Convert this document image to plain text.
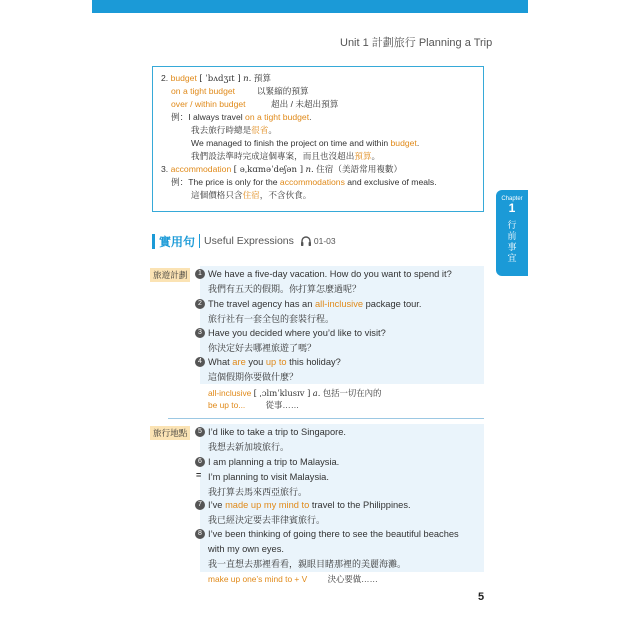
Unit 1 計劃旅行 Planning a Trip
2. budget [ ˈbʌdʒɪt ] n. 預算
on a tight budget	以緊縮的預算
over / within budget	超出 / 未超出預算
例：I always travel on a tight budget.
我去旅行時總是很省。
We managed to finish the project on time and within budget.
我們設法準時完成這個專案，而且也沒超出預算。
3. accommodation [ əˌkɑməˈdeʃən ] n. 住宿（美語常用複數）
例：The price is only for the accommodations and exclusive of meals.
這個價格只含住宿，不含伙食。
實用句 Useful Expressions 01-03
Chapter
1
行
前
事
宜
旅遊計劃	1 We have a five-day vacation. How do you want to spend it?
我們有五天的假期。你打算怎麼過呢？
2 The travel agency has an all-inclusive package tour.
旅行社有一套全包的套裝行程。
3 Have you decided where you’d like to visit?
你決定好去哪裡旅遊了嗎？
4 What are you up to this holiday?
這個假期你要做什麼？
all-inclusive [ ˌɔlɪnˈklusɪv ] a. 包括一切在內的
be up to... 從事……
旅行地點	5 I’d like to take a trip to Singapore.
我想去新加坡旅行。
6 I am planning a trip to Malaysia.
= I’m planning to visit Malaysia.
我打算去馬來西亞旅行。
7 I’ve made up my mind to travel to the Philippines.
我已經決定要去菲律賓旅行。
8 I’ve been thinking of going there to see the beautiful beaches
with my own eyes.
我一直想去那裡看看，親眼目睹那裡的美麗海灘。
make up one’s mind to + V 決心要做……
5
